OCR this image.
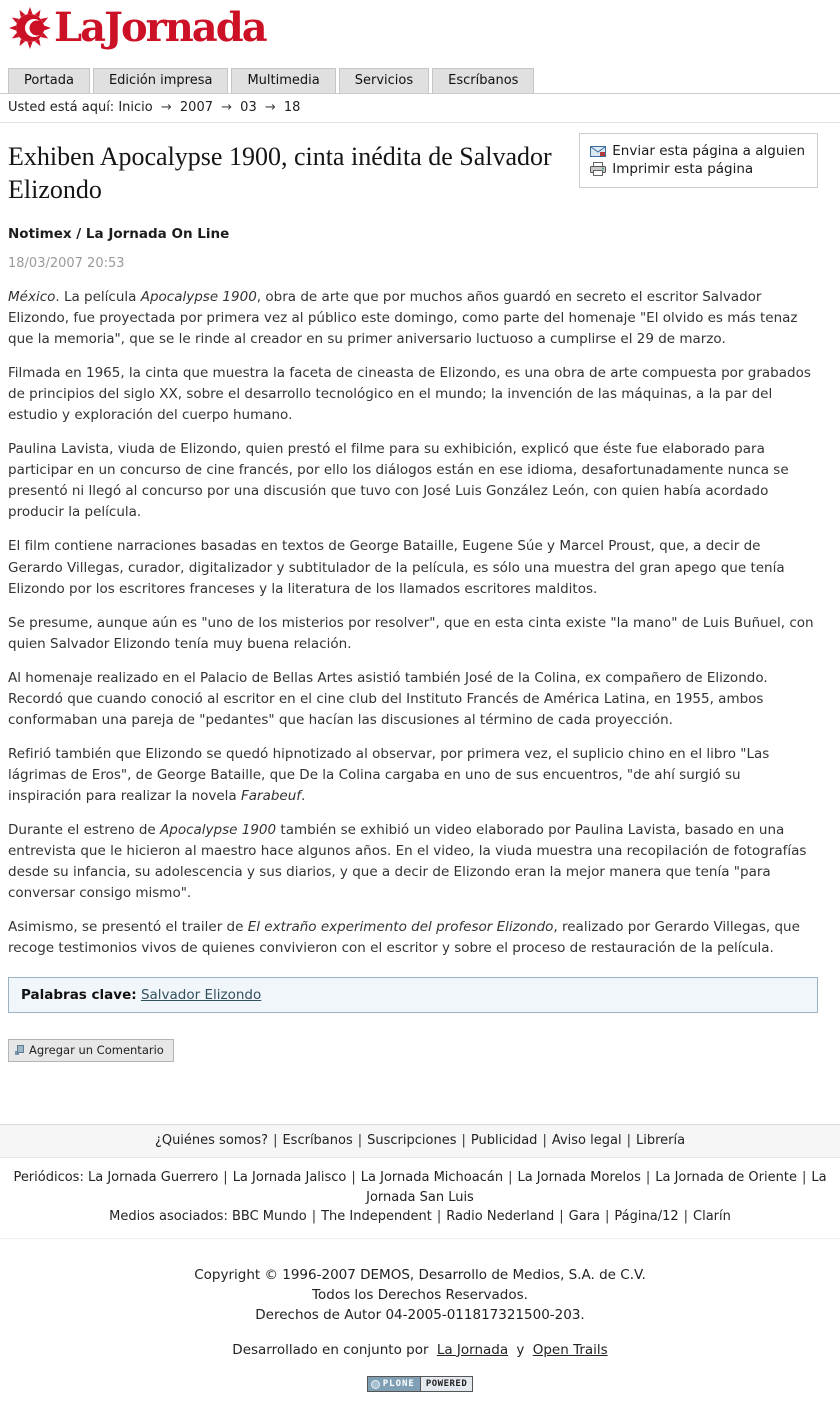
LaJornada
Portada	Edición impresa	Multimedia	Servicios	Escríbanos
Usted está aquí: Inicio → 2007 → 03 → 18
Exhiben Apocalypse 1900, cinta inédita de Salvador Elizondo
Enviar esta página a alguien
Imprimir esta página
Notimex / La Jornada On Line
18/03/2007 20:53

México. La película Apocalypse 1900, obra de arte que por muchos años guardó en secreto el escritor Salvador Elizondo, fue proyectada por primera vez al público este domingo, como parte del homenaje "El olvido es más tenaz que la memoria", que se le rinde al creador en su primer aniversario luctuoso a cumplirse el 29 de marzo.

Filmada en 1965, la cinta que muestra la faceta de cineasta de Elizondo, es una obra de arte compuesta por grabados de principios del siglo XX, sobre el desarrollo tecnológico en el mundo; la invención de las máquinas, a la par del estudio y exploración del cuerpo humano.

Paulina Lavista, viuda de Elizondo, quien prestó el filme para su exhibición, explicó que éste fue elaborado para participar en un concurso de cine francés, por ello los diálogos están en ese idioma, desafortunadamente nunca se presentó ni llegó al concurso por una discusión que tuvo con José Luis González León, con quien había acordado producir la película.

El film contiene narraciones basadas en textos de George Bataille, Eugene Súe y Marcel Proust, que, a decir de Gerardo Villegas, curador, digitalizador y subtitulador de la película, es sólo una muestra del gran apego que tenía Elizondo por los escritores franceses y la literatura de los llamados escritores malditos.

Se presume, aunque aún es "uno de los misterios por resolver", que en esta cinta existe "la mano" de Luis Buñuel, con quien Salvador Elizondo tenía muy buena relación.

Al homenaje realizado en el Palacio de Bellas Artes asistió también José de la Colina, ex compañero de Elizondo. Recordó que cuando conoció al escritor en el cine club del Instituto Francés de América Latina, en 1955, ambos conformaban una pareja de "pedantes" que hacían las discusiones al término de cada proyección.

Refirió también que Elizondo se quedó hipnotizado al observar, por primera vez, el suplicio chino en el libro "Las lágrimas de Eros", de George Bataille, que De la Colina cargaba en uno de sus encuentros, "de ahí surgió su inspiración para realizar la novela Farabeuf.

Durante el estreno de Apocalypse 1900 también se exhibió un video elaborado por Paulina Lavista, basado en una entrevista que le hicieron al maestro hace algunos años. En el video, la viuda muestra una recopilación de fotografías desde su infancia, su adolescencia y sus diarios, y que a decir de Elizondo eran la mejor manera que tenía "para conversar consigo mismo".

Asimismo, se presentó el trailer de El extraño experimento del profesor Elizondo, realizado por Gerardo Villegas, que recoge testimonios vivos de quienes convivieron con el escritor y sobre el proceso de restauración de la película.

Palabras clave: Salvador Elizondo
Agregar un Comentario
¿Quiénes somos? | Escríbanos | Suscripciones | Publicidad | Aviso legal | Librería
Periódicos: La Jornada Guerrero | La Jornada Jalisco | La Jornada Michoacán | La Jornada Morelos | La Jornada de Oriente | La Jornada San Luis
Medios asociados: BBC Mundo | The Independent | Radio Nederland | Gara | Página/12 | Clarín
Copyright © 1996-2007 DEMOS, Desarrollo de Medios, S.A. de C.V.
Todos los Derechos Reservados.
Derechos de Autor 04-2005-011817321500-203.
Desarrollado en conjunto por La Jornada y Open Trails
PLONE	POWERED
